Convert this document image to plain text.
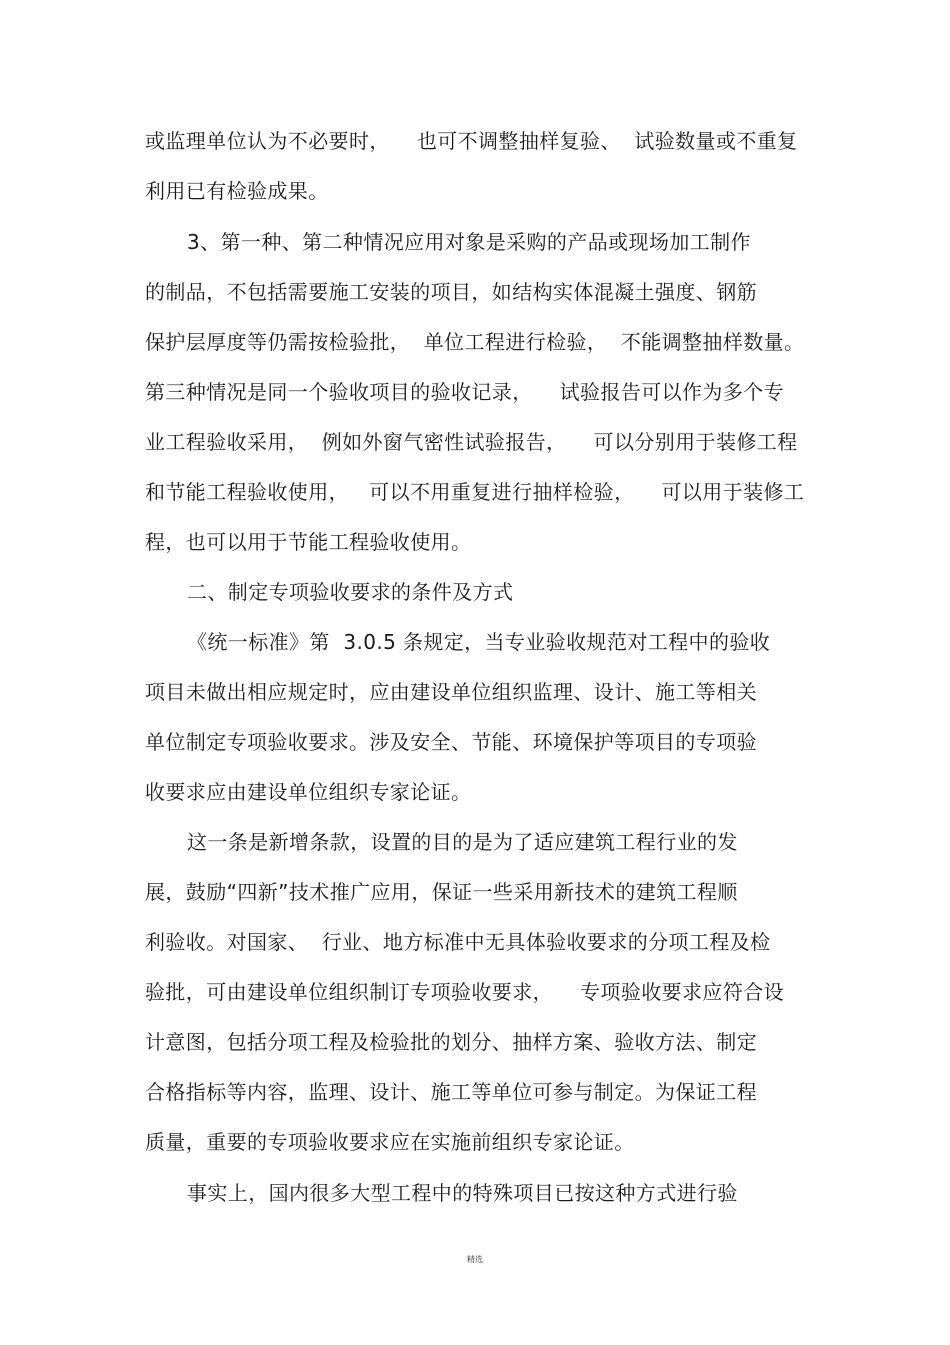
或监理单位认为不必要时，    也可不调整抽样复验、  试验数量或不重复
利用已有检验成果。
3、第一种、第二种情况应用对象是采购的产品或现场加工制作
的制品，不包括需要施工安装的项目，如结构实体混凝土强度、钢筋
保护层厚度等仍需按检验批，  单位工程进行检验，  不能调整抽样数量。
第三种情况是同一个验收项目的验收记录，    试验报告可以作为多个专
业工程验收采用，  例如外窗气密性试验报告，    可以分别用于装修工程
和节能工程验收使用，   可以不用重复进行抽样检验，    可以用于装修工
程，也可以用于节能工程验收使用。
二、制定专项验收要求的条件及方式
《统一标准》第  3.0.5 条规定，当专业验收规范对工程中的验收
项目未做出相应规定时，应由建设单位组织监理、设计、施工等相关
单位制定专项验收要求。涉及安全、节能、环境保护等项目的专项验
收要求应由建设单位组织专家论证。
这一条是新增条款，设置的目的是为了适应建筑工程行业的发
展，鼓励“四新”技术推广应用，保证一些采用新技术的建筑工程顺
利验收。对国家、  行业、地方标准中无具体验收要求的分项工程及检
验批，可由建设单位组织制订专项验收要求，    专项验收要求应符合设
计意图，包括分项工程及检验批的划分、抽样方案、验收方法、制定
合格指标等内容，监理、设计、施工等单位可参与制定。为保证工程
质量，重要的专项验收要求应在实施前组织专家论证。
事实上，国内很多大型工程中的特殊项目已按这种方式进行验
精选
